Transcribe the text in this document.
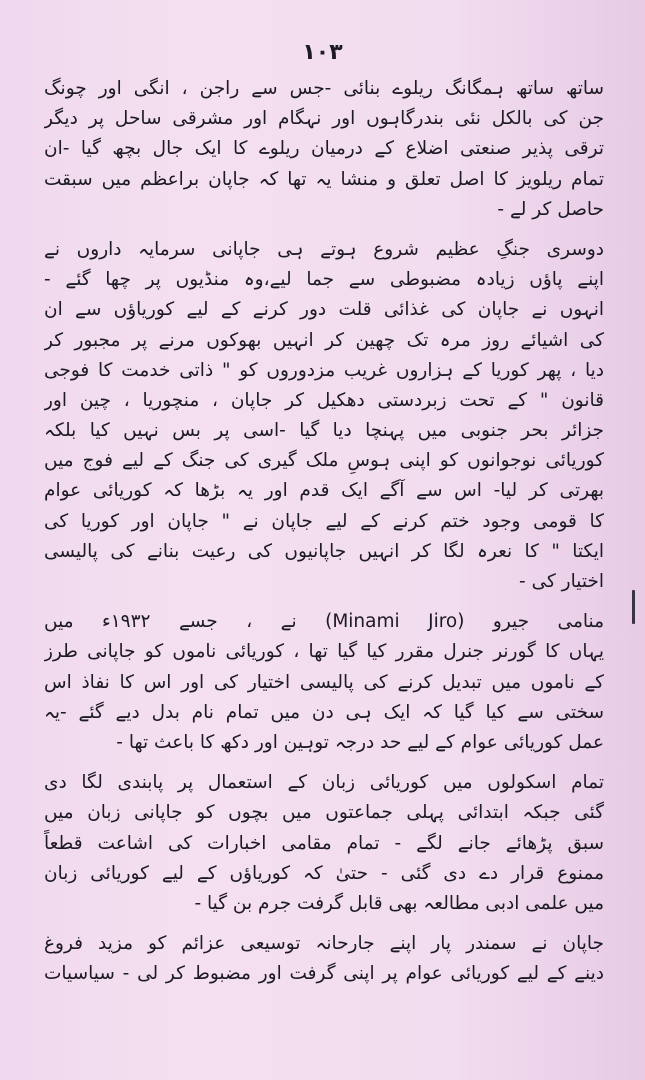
۱۰۳
ساتھ ساتھ ہمگانگ ریلوے بنائی -جس سے راجن ، انگی اور چونگ
جن کی بالکل نئی بندرگاہوں اور نہگام اور مشرقی ساحل پر دیگر
ترقی پذیر صنعتی اضلاع کے درمیان ریلوے کا ایک جال بچھ گیا -ان
تمام ریلویز کا اصل تعلق و منشا یہ تھا کہ جاپان براعظم میں سبقت
حاصل کر لے -
دوسری جنگِ عظیم شروع ہوتے ہی جاپانی سرمایہ داروں نے
اپنے پاؤں زیادہ مضبوطی سے جما لیے،وہ منڈیوں پر چھا گئے -
انہوں نے جاپان کی غذائی قلت دور کرنے کے لیے کوریاؤں سے ان
کی اشیائے روز مرہ تک چھین کر انہیں بھوکوں مرنے پر مجبور کر
دیا ، پھر کوریا کے ہزاروں غریب مزدوروں کو " ذاتی خدمت کا فوجی
قانون " کے تحت زبردستی دھکیل کر جاپان ، منچوریا ، چین اور
جزائر بحر جنوبی میں پہنچا دیا گیا -اسی پر بس نہیں کیا بلکہ
کوریائی نوجوانوں کو اپنی ہوسِ ملک گیری کی جنگ کے لیے فوج میں
بھرتی کر لیا- اس سے آگے ایک قدم اور یہ بڑھا کہ کوریائی عوام
کا قومی وجود ختم کرنے کے لیے جاپان نے " جاپان اور کوریا کی
ایکتا " کا نعرہ لگا کر انہیں جاپانیوں کی رعیت بنانے کی پالیسی
اختیار کی -
منامی جیرو (Minami Jiro) نے ، جسے ۱۹۳۲ء میں
یہاں کا گورنر جنرل مقرر کیا گیا تھا ، کوریائی ناموں کو جاپانی طرز
کے ناموں میں تبدیل کرنے کی پالیسی اختیار کی اور اس کا نفاذ اس
سختی سے کیا گیا کہ ایک ہی دن میں تمام نام بدل دیے گئے -یہ
عمل کوریائی عوام کے لیے حد درجہ توہین اور دکھ کا باعث تھا -
تمام اسکولوں میں کوریائی زبان کے استعمال پر پابندی لگا دی
گئی جبکہ ابتدائی پہلی جماعتوں میں بچوں کو جاپانی زبان میں
سبق پڑھائے جانے لگے - تمام مقامی اخبارات کی اشاعت قطعاً
ممنوع قرار دے دی گئی - حتیٰ کہ کوریاؤں کے لیے کوریائی زبان
میں علمی ادبی مطالعہ بھی قابل گرفت جرم بن گیا -
جاپان نے سمندر پار اپنے جارحانہ توسیعی عزائم کو مزید فروغ
دینے کے لیے کوریائی عوام پر اپنی گرفت اور مضبوط کر لی - سیاسیات
